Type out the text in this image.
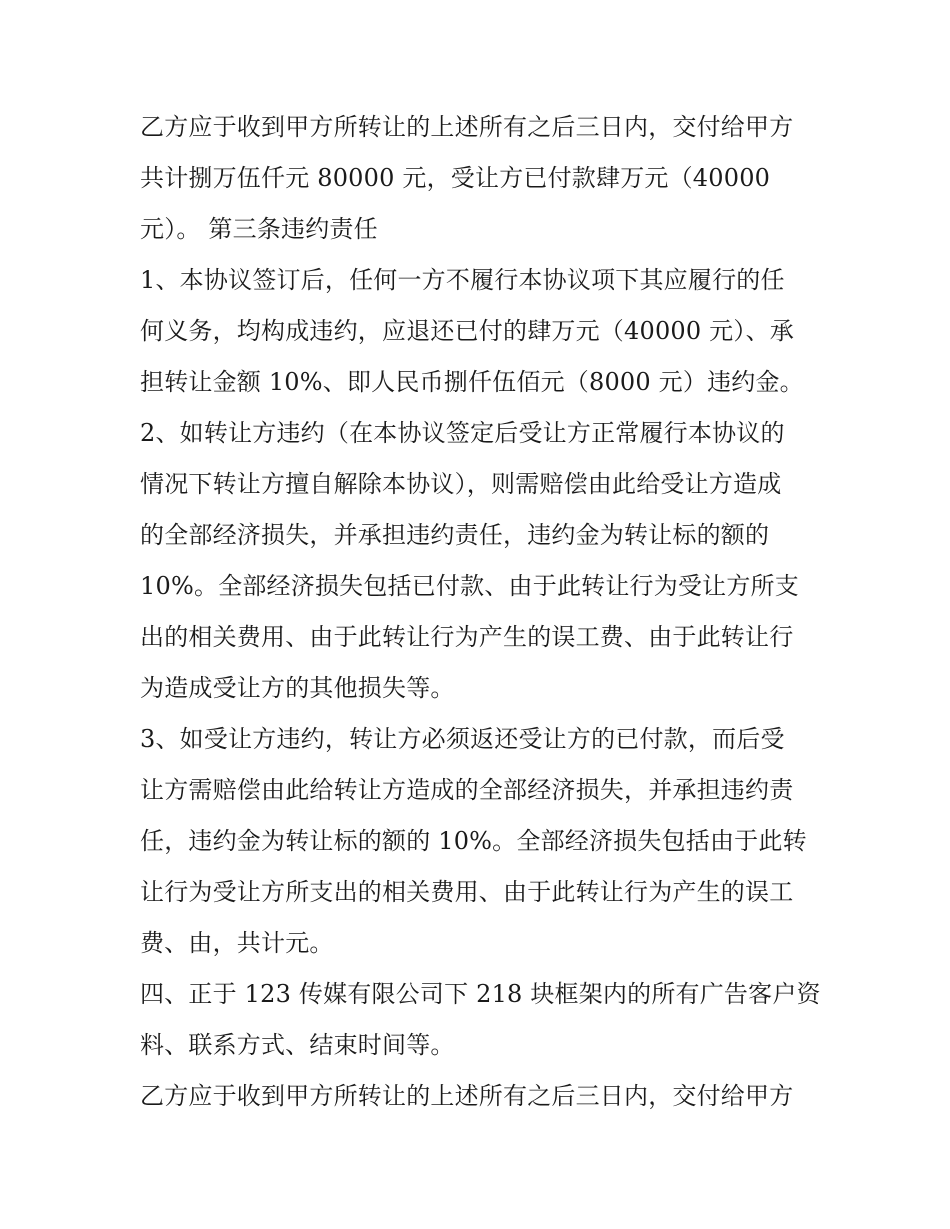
乙方应于收到甲方所转让的上述所有之后三日内，交付给甲方
共计捌万伍仟元 80000 元，受让方已付款肆万元（40000
元）。 第三条违约责任
1、本协议签订后，任何一方不履行本协议项下其应履行的任
何义务，均构成违约，应退还已付的肆万元（40000 元）、承
担转让金额 10%、即人民币捌仟伍佰元（8000 元）违约金。
2、如转让方违约（在本协议签定后受让方正常履行本协议的
情况下转让方擅自解除本协议），则需赔偿由此给受让方造成
的全部经济损失，并承担违约责任，违约金为转让标的额的
10%。全部经济损失包括已付款、由于此转让行为受让方所支
出的相关费用、由于此转让行为产生的误工费、由于此转让行
为造成受让方的其他损失等。
3、如受让方违约，转让方必须返还受让方的已付款，而后受
让方需赔偿由此给转让方造成的全部经济损失，并承担违约责
任，违约金为转让标的额的 10%。全部经济损失包括由于此转
让行为受让方所支出的相关费用、由于此转让行为产生的误工
费、由，共计元。
四、正于 123 传媒有限公司下 218 块框架内的所有广告客户资
料、联系方式、结束时间等。
乙方应于收到甲方所转让的上述所有之后三日内，交付给甲方
